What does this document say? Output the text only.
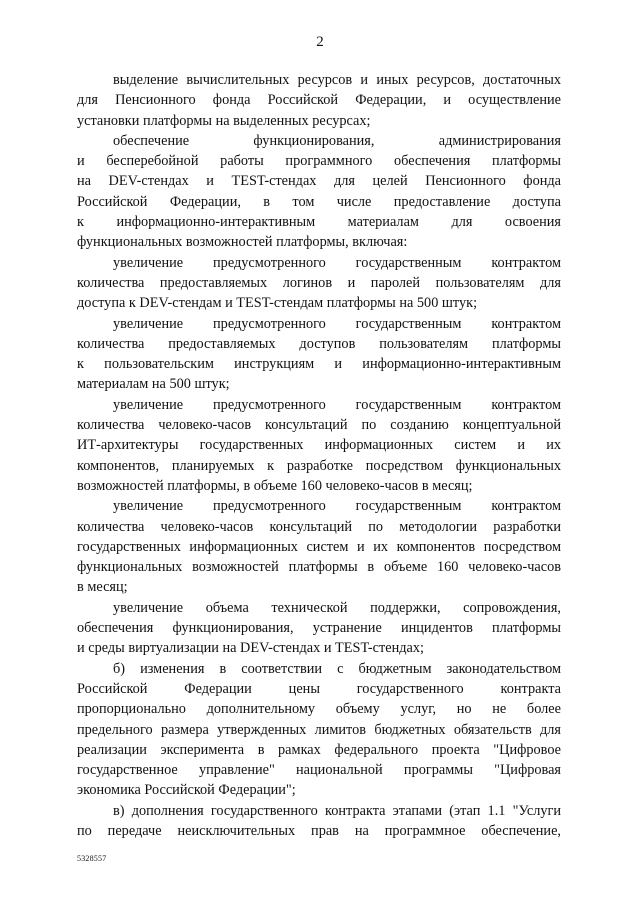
2

выделение вычислительных ресурсов и иных ресурсов, достаточных
для Пенсионного фонда Российской Федерации, и осуществление
установки платформы на выделенных ресурсах;

обеспечение функционирования, администрирования
и бесперебойной работы программного обеспечения платформы
на DEV-стендах и TEST-стендах для целей Пенсионного фонда
Российской Федерации, в том числе предоставление доступа
к информационно-интерактивным материалам для освоения
функциональных возможностей платформы, включая:

увеличение предусмотренного государственным контрактом
количества предоставляемых логинов и паролей пользователям для
доступа к DEV-стендам и TEST-стендам платформы на 500 штук;

увеличение предусмотренного государственным контрактом
количества предоставляемых доступов пользователям платформы
к пользовательским инструкциям и информационно-интерактивным
материалам на 500 штук;

увеличение предусмотренного государственным контрактом
количества человеко-часов консультаций по созданию концептуальной
ИТ-архитектуры государственных информационных систем и их
компонентов, планируемых к разработке посредством функциональных
возможностей платформы, в объеме 160 человеко-часов в месяц;

увеличение предусмотренного государственным контрактом
количества человеко-часов консультаций по методологии разработки
государственных информационных систем и их компонентов посредством
функциональных возможностей платформы в объеме 160 человеко-часов
в месяц;

увеличение объема технической поддержки, сопровождения,
обеспечения функционирования, устранение инцидентов платформы
и среды виртуализации на DEV-стендах и TEST-стендах;

б) изменения в соответствии с бюджетным законодательством
Российской Федерации цены государственного контракта
пропорционально дополнительному объему услуг, но не более
предельного размера утвержденных лимитов бюджетных обязательств для
реализации эксперимента в рамках федерального проекта "Цифровое
государственное управление" национальной программы "Цифровая
экономика Российской Федерации";

в) дополнения государственного контракта этапами (этап 1.1 "Услуги
по передаче неисключительных прав на программное обеспечение,

5328557
